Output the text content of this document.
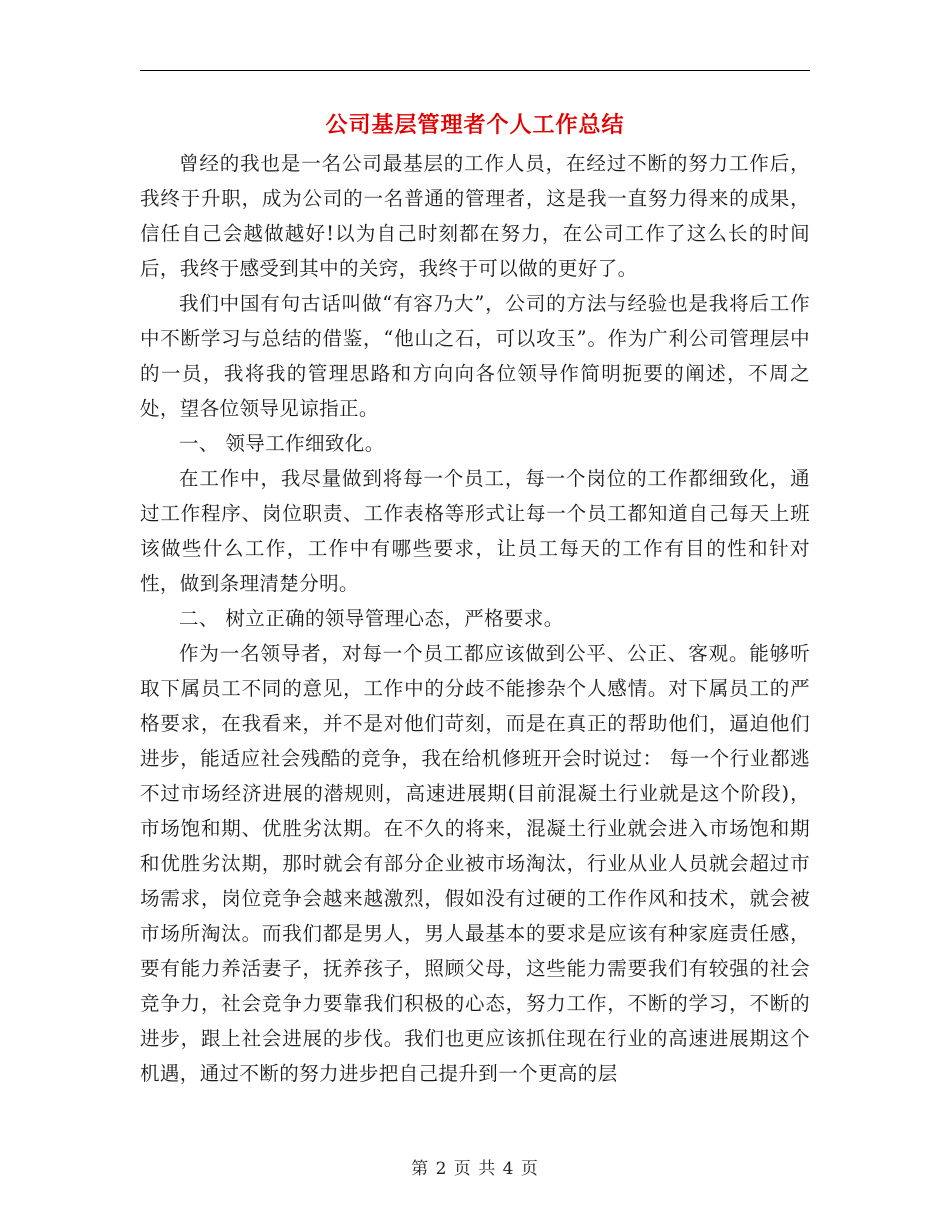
公司基层管理者个人工作总结

曾经的我也是一名公司最基层的工作人员，在经过不断的努力工作后，我终于升职，成为公司的一名普通的管理者，这是我一直努力得来的成果，信任自己会越做越好!以为自己时刻都在努力，在公司工作了这么长的时间后，我终于感受到其中的关窍，我终于可以做的更好了。

我们中国有句古话叫做“有容乃大”，公司的方法与经验也是我将后工作中不断学习与总结的借鉴，“他山之石，可以攻玉”。作为广利公司管理层中的一员，我将我的管理思路和方向向各位领导作简明扼要的阐述，不周之处，望各位领导见谅指正。

一、 领导工作细致化。

在工作中，我尽量做到将每一个员工，每一个岗位的工作都细致化，通过工作程序、岗位职责、工作表格等形式让每一个员工都知道自己每天上班该做些什么工作，工作中有哪些要求，让员工每天的工作有目的性和针对性，做到条理清楚分明。

二、 树立正确的领导管理心态，严格要求。

作为一名领导者，对每一个员工都应该做到公平、公正、客观。能够听取下属员工不同的意见，工作中的分歧不能掺杂个人感情。对下属员工的严格要求，在我看来，并不是对他们苛刻，而是在真正的帮助他们，逼迫他们进步，能适应社会残酷的竞争，我在给机修班开会时说过： 每一个行业都逃不过市场经济进展的潜规则，高速进展期(目前混凝土行业就是这个阶段)，市场饱和期、优胜劣汰期。在不久的将来，混凝土行业就会进入市场饱和期和优胜劣汰期，那时就会有部分企业被市场淘汰，行业从业人员就会超过市场需求，岗位竞争会越来越激烈，假如没有过硬的工作作风和技术，就会被市场所淘汰。而我们都是男人，男人最基本的要求是应该有种家庭责任感，要有能力养活妻子，抚养孩子，照顾父母，这些能力需要我们有较强的社会竞争力，社会竞争力要靠我们积极的心态，努力工作，不断的学习，不断的进步，跟上社会进展的步伐。我们也更应该抓住现在行业的高速进展期这个机遇，通过不断的努力进步把自己提升到一个更高的层

第 2 页 共 4 页
